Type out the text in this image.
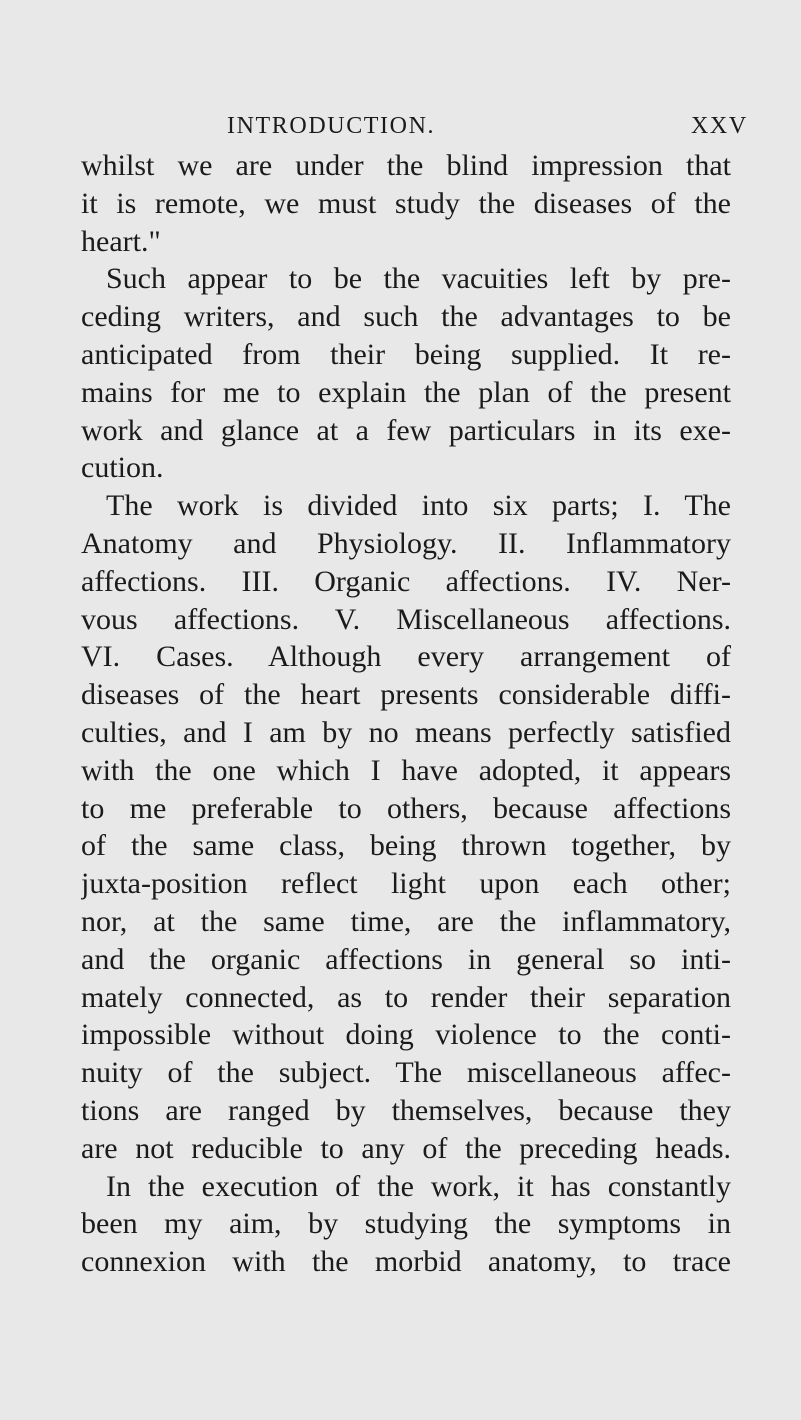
INTRODUCTION.	XXV
whilst we are under the blind impression that
it is remote, we must study the diseases of the
heart."
Such appear to be the vacuities left by pre-
ceding writers, and such the advantages to be
anticipated from their being supplied. It re-
mains for me to explain the plan of the present
work and glance at a few particulars in its exe-
cution.
The work is divided into six parts; I. The
Anatomy and Physiology. II. Inflammatory
affections. III. Organic affections. IV. Ner-
vous affections. V. Miscellaneous affections.
VI. Cases. Although every arrangement of
diseases of the heart presents considerable diffi-
culties, and I am by no means perfectly satisfied
with the one which I have adopted, it appears
to me preferable to others, because affections
of the same class, being thrown together, by
juxta-position reflect light upon each other;
nor, at the same time, are the inflammatory,
and the organic affections in general so inti-
mately connected, as to render their separation
impossible without doing violence to the conti-
nuity of the subject. The miscellaneous affec-
tions are ranged by themselves, because they
are not reducible to any of the preceding heads.
In the execution of the work, it has constantly
been my aim, by studying the symptoms in
connexion with the morbid anatomy, to trace
